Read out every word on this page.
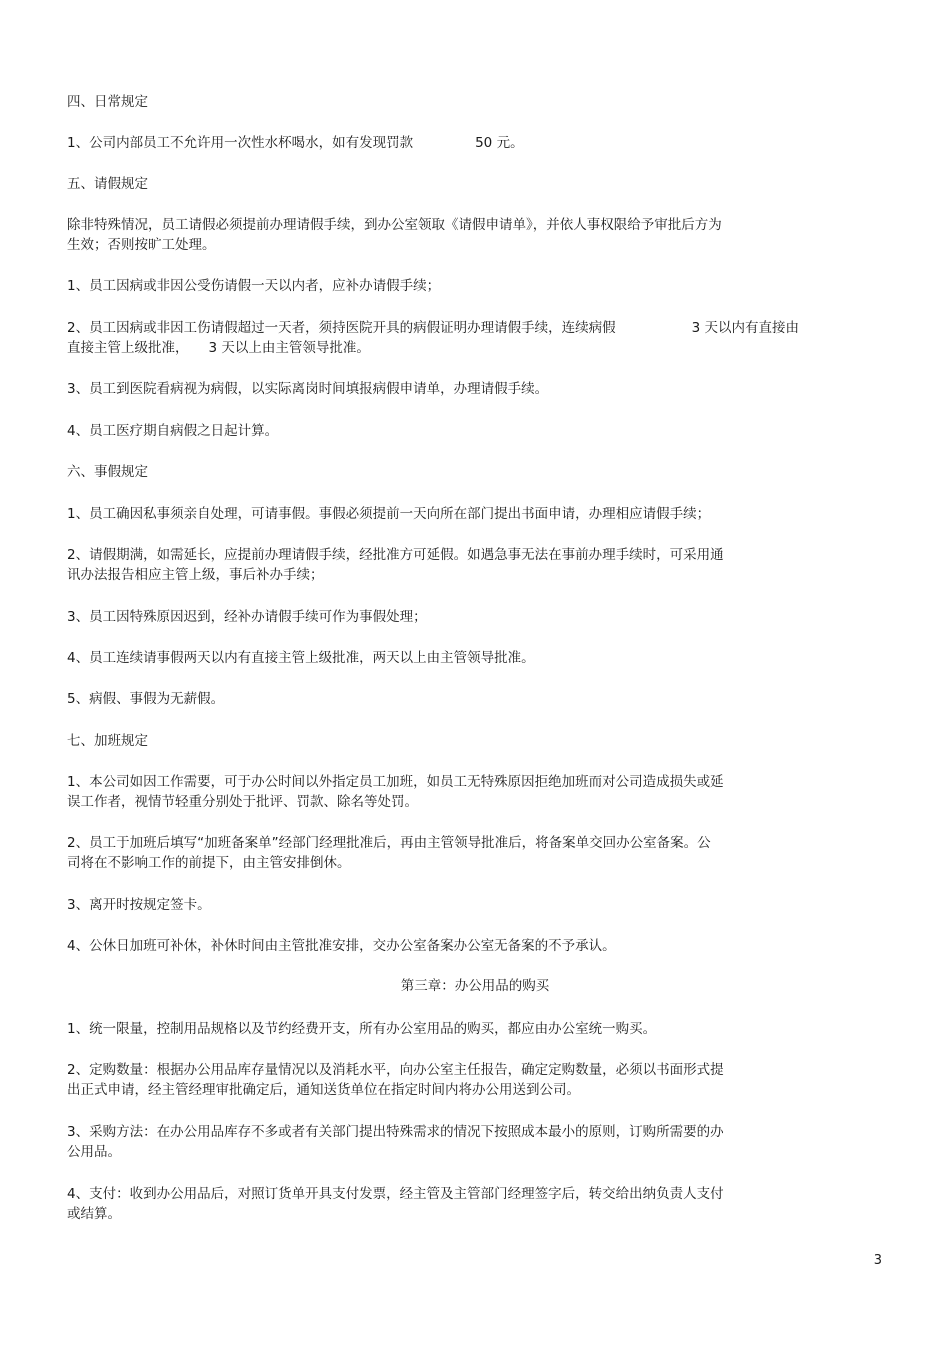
四、日常规定

1、公司内部员工不允许用一次性水杯喝水，如有发现罚款	50 元。

五、请假规定

除非特殊情况，员工请假必须提前办理请假手续，到办公室领取《请假申请单》，并依人事权限给予审批后方为
生效；否则按旷工处理。

1、员工因病或非因公受伤请假一天以内者，应补办请假手续；

2、员工因病或非因工伤请假超过一天者，须持医院开具的病假证明办理请假手续，连续病假	3 天以内有直接由
直接主管上级批准， 3 天以上由主管领导批准。

3、员工到医院看病视为病假，以实际离岗时间填报病假申请单，办理请假手续。

4、员工医疗期自病假之日起计算。

六、事假规定

1、员工确因私事须亲自处理，可请事假。事假必须提前一天向所在部门提出书面申请，办理相应请假手续；

2、请假期满，如需延长，应提前办理请假手续，经批准方可延假。如遇急事无法在事前办理手续时，可采用通
讯办法报告相应主管上级，事后补办手续；

3、员工因特殊原因迟到，经补办请假手续可作为事假处理；

4、员工连续请事假两天以内有直接主管上级批准，两天以上由主管领导批准。

5、病假、事假为无薪假。

七、加班规定

1、本公司如因工作需要，可于办公时间以外指定员工加班，如员工无特殊原因拒绝加班而对公司造成损失或延
误工作者，视情节轻重分别处于批评、罚款、除名等处罚。

2、员工于加班后填写“加班备案单”经部门经理批准后，再由主管领导批准后，将备案单交回办公室备案。公
司将在不影响工作的前提下，由主管安排倒休。

3、离开时按规定签卡。

4、公休日加班可补休，补休时间由主管批准安排，交办公室备案办公室无备案的不予承认。

第三章：办公用品的购买

1、统一限量，控制用品规格以及节约经费开支，所有办公室用品的购买，都应由办公室统一购买。

2、定购数量：根据办公用品库存量情况以及消耗水平，向办公室主任报告，确定定购数量，必须以书面形式提
出正式申请，经主管经理审批确定后，通知送货单位在指定时间内将办公用送到公司。

3、采购方法：在办公用品库存不多或者有关部门提出特殊需求的情况下按照成本最小的原则，订购所需要的办
公用品。

4、支付：收到办公用品后，对照订货单开具支付发票，经主管及主管部门经理签字后，转交给出纳负责人支付
或结算。

3
